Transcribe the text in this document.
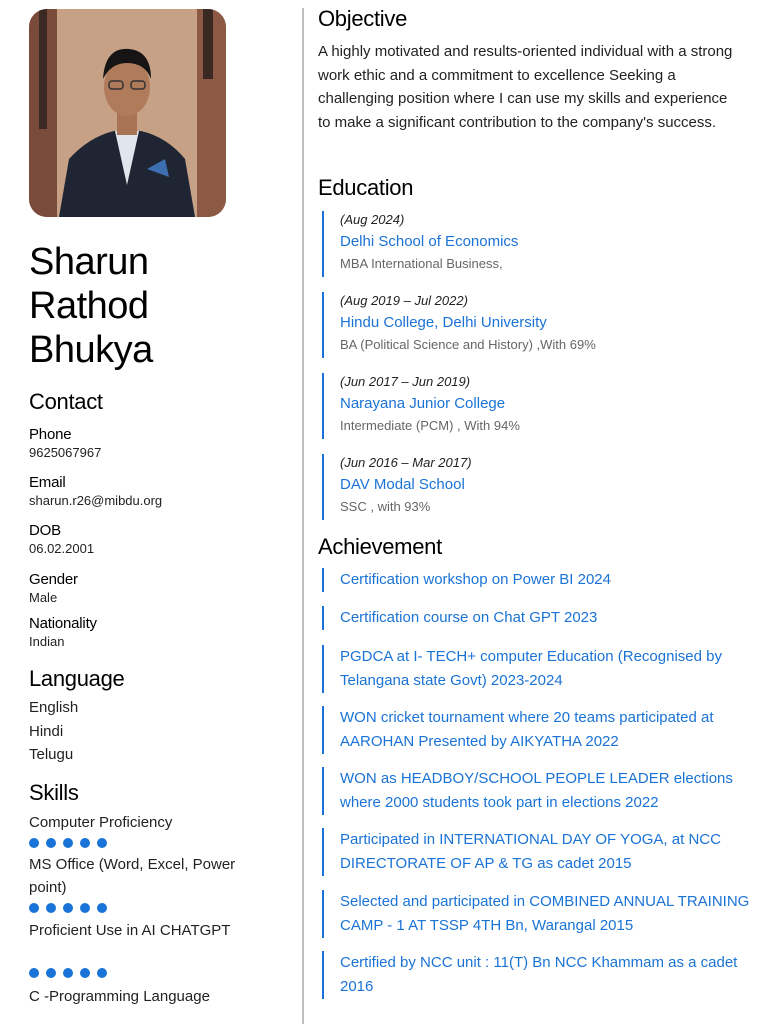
Sharun
Rathod
Bhukya
Contact
Phone
9625067967
Email
sharun.r26@mibdu.org
DOB
06.02.2001
Gender
Male
Nationality
Indian
Language
English
Hindi
Telugu
Skills
Computer Proficiency
MS Office (Word, Excel, Power point)
Proficient Use in AI CHATGPT
C -Programming Language
Objective
A highly motivated and results-oriented individual with a strong work ethic and a commitment to excellence Seeking a challenging position where I can use my skills and experience to make a significant contribution to the company's success.
Education
(Aug 2024)
Delhi School of Economics
MBA International Business,
(Aug 2019 – Jul 2022)
Hindu College, Delhi University
BA (Political Science and History) ,With 69%
(Jun 2017 – Jun 2019)
Narayana Junior College
Intermediate (PCM) , With 94%
(Jun 2016 – Mar 2017)
DAV Modal School
SSC , with 93%
Achievement
Certification workshop on Power BI 2024
Certification course on Chat GPT 2023
PGDCA at I- TECH+ computer Education (Recognised by Telangana state Govt) 2023-2024
WON cricket tournament where 20 teams participated at AAROHAN Presented by AIKYATHA 2022
WON as HEADBOY/SCHOOL PEOPLE LEADER elections where 2000 students took part in elections 2022
Participated in INTERNATIONAL DAY OF YOGA, at NCC DIRECTORATE OF AP & TG as cadet 2015
Selected and participated in COMBINED ANNUAL TRAINING CAMP - 1 AT TSSP 4TH Bn, Warangal 2015
Certified by NCC unit : 11(T) Bn NCC Khammam as a cadet 2016
